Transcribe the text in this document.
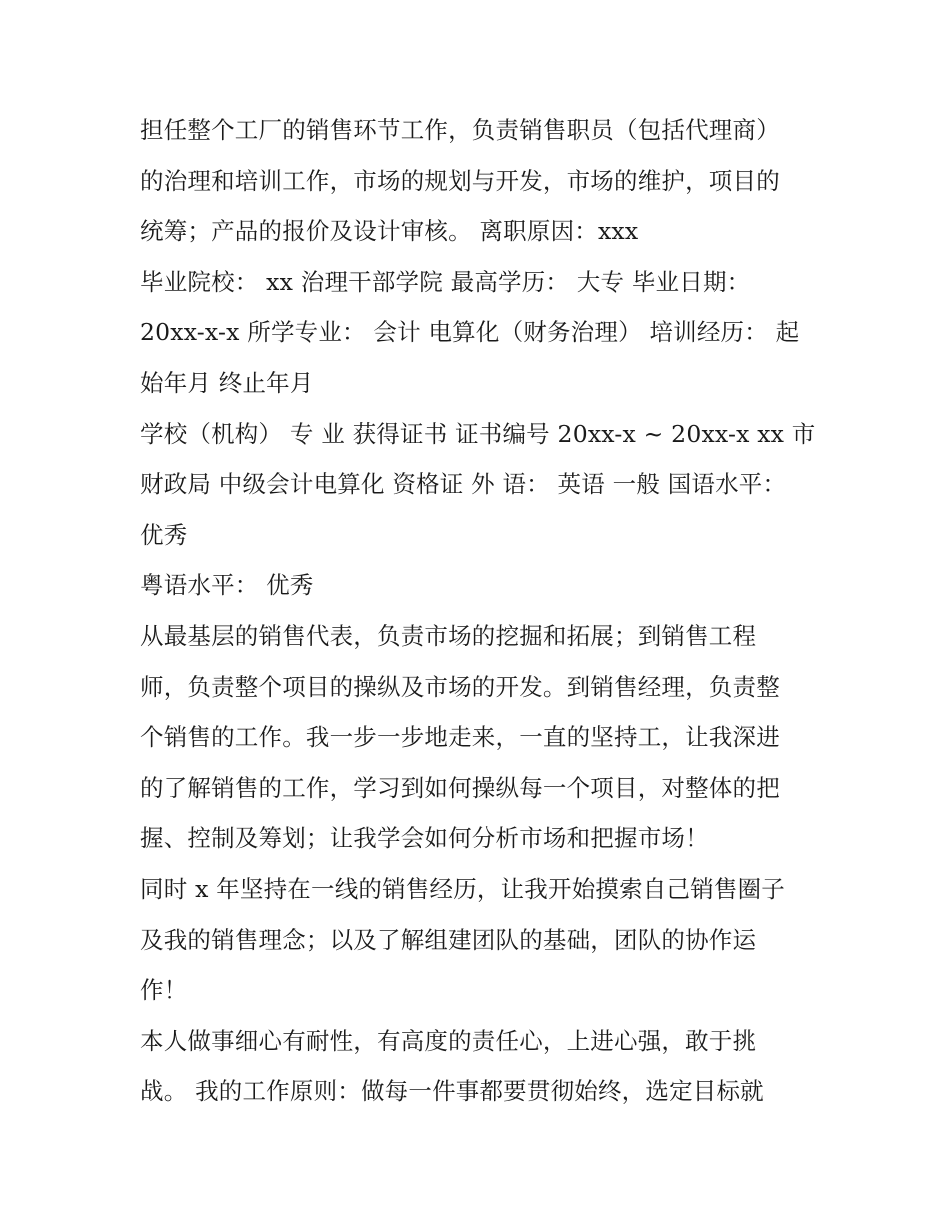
担任整个工厂的销售环节工作，负责销售职员（包括代理商）
的治理和培训工作，市场的规划与开发，市场的维护，项目的
统筹；产品的报价及设计审核。 离职原因：xxx
毕业院校： xx 治理干部学院 最高学历： 大专 毕业日期：
20xx-x-x 所学专业： 会计 电算化（财务治理） 培训经历： 起
始年月 终止年月
学校（机构） 专 业 获得证书 证书编号 20xx-x ~ 20xx-x xx 市
财政局 中级会计电算化 资格证 外 语： 英语 一般 国语水平：
优秀
粤语水平： 优秀
从最基层的销售代表，负责市场的挖掘和拓展；到销售工程
师，负责整个项目的操纵及市场的开发。到销售经理，负责整
个销售的工作。我一步一步地走来，一直的坚持工，让我深进
的了解销售的工作，学习到如何操纵每一个项目，对整体的把
握、控制及筹划；让我学会如何分析市场和把握市场！
同时 x 年坚持在一线的销售经历，让我开始摸索自己销售圈子
及我的销售理念；以及了解组建团队的基础，团队的协作运
作！
本人做事细心有耐性，有高度的责任心，上进心强，敢于挑
战。 我的工作原则：做每一件事都要贯彻始终，选定目标就
